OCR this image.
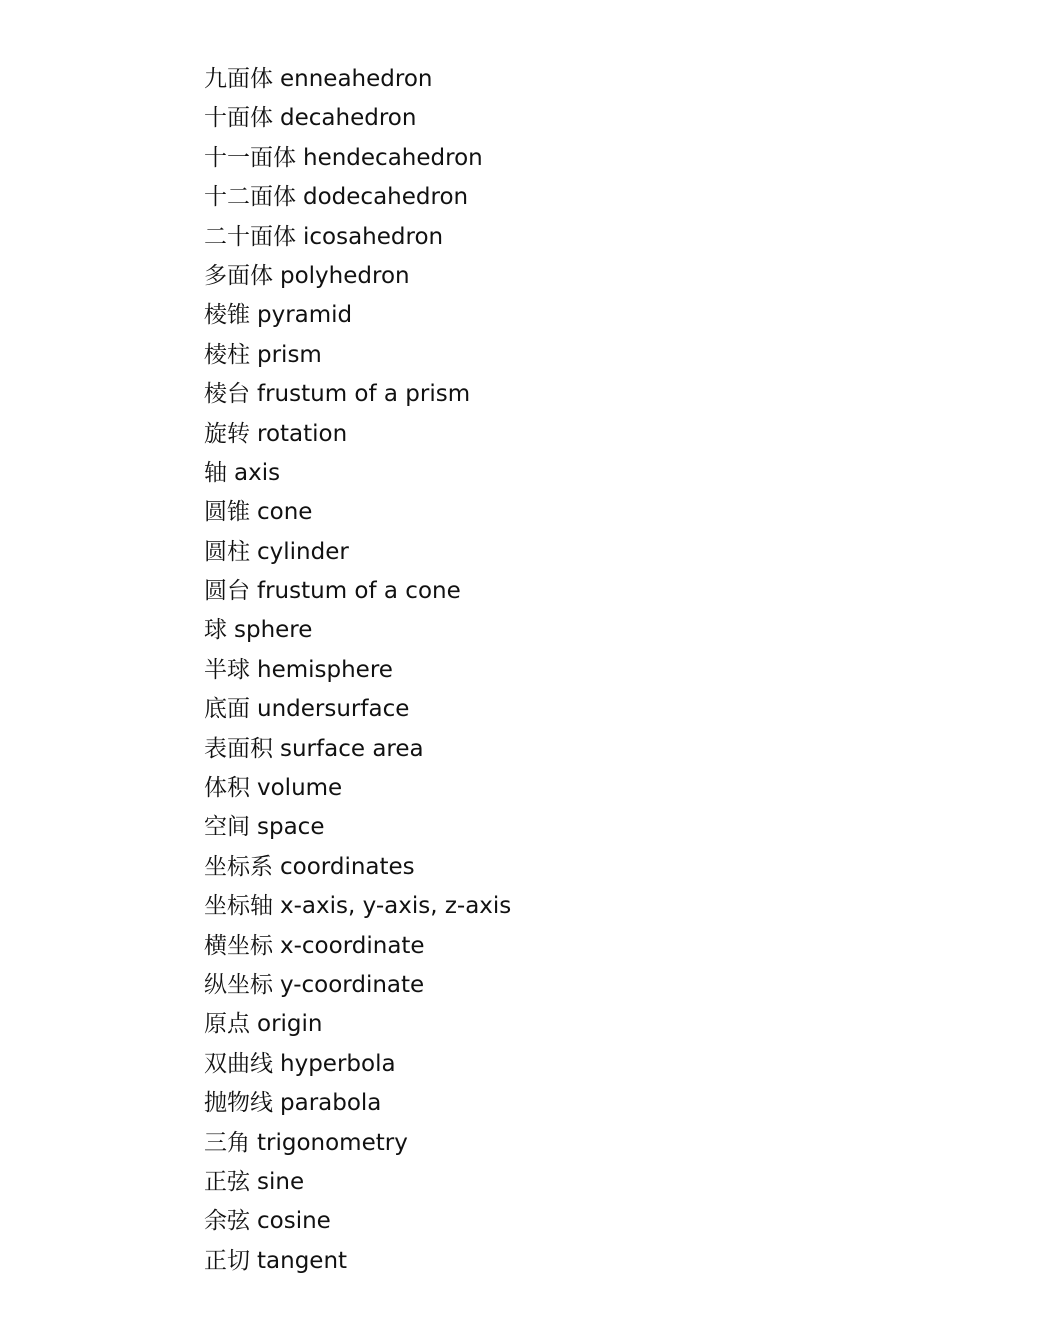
九面体 enneahedron
十面体 decahedron
十一面体 hendecahedron
十二面体 dodecahedron
二十面体 icosahedron
多面体 polyhedron
棱锥 pyramid
棱柱 prism
棱台 frustum of a prism
旋转 rotation
轴 axis
圆锥 cone
圆柱 cylinder
圆台 frustum of a cone
球 sphere
半球 hemisphere
底面 undersurface
表面积 surface area
体积 volume
空间 space
坐标系 coordinates
坐标轴 x-axis, y-axis, z-axis
横坐标 x-coordinate
纵坐标 y-coordinate
原点 origin
双曲线 hyperbola
抛物线 parabola
三角 trigonometry
正弦 sine
余弦 cosine
正切 tangent
